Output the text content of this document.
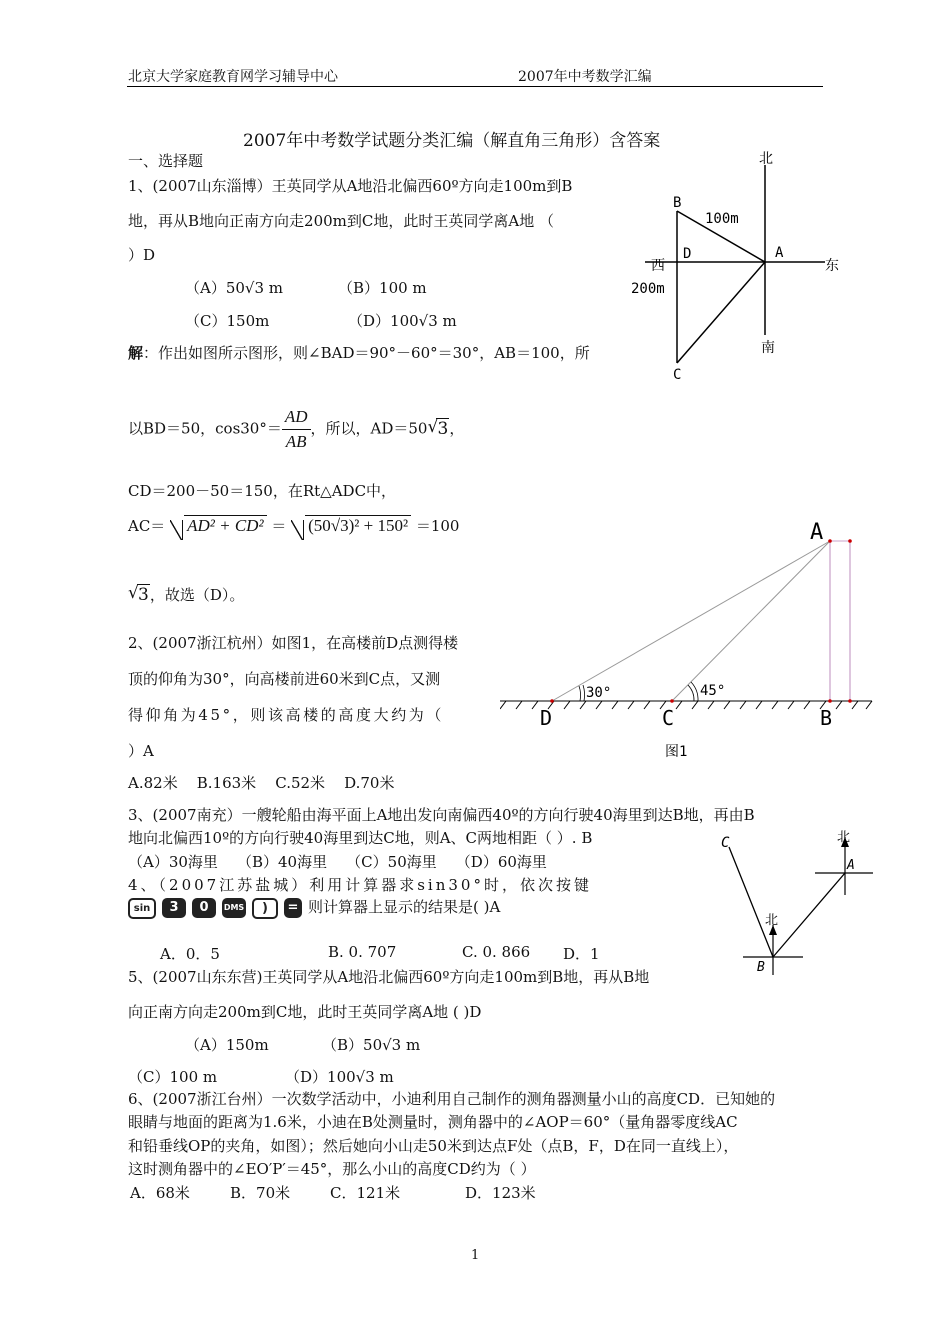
北京大学家庭教育网学习辅导中心	2007年中考数学汇编
2007年中考数学试题分类汇编（解直角三角形）含答案
一、选择题
1、(2007山东淄博）王英同学从A地沿北偏西60º方向走100m到B
地，再从B地向正南方向走200m到C地，此时王英同学离A地 （
）D
（A）50√3 m	（B）100 m
（C）150m	（D）100√3 m
解：作出如图所示图形，则∠BAD＝90°－60°＝30°，AB＝100，所
以BD＝50，$\cos 30^\circ= \frac{AD}{AB}$ ，所以，AD＝50√ 3，
CD＝200－50＝150，在Rt△ADC中，
AC＝ AD² + CD² ＝ (50√3)² + 150² ＝100
√ 3，故选（D）。
北
南
东
西
B
A
D
C
100m
200m
2、(2007浙江杭州）如图1，在高楼前D点测得楼
顶的仰角为30°，向高楼前进60米到C点，又测
得仰角为45°，则该高楼的高度大约为（
）A
A.82米    B.163米    C.52米    D.70米
A
D	C	B
30°	45°
图1
3、(2007南充）一艘轮船由海平面上A地出发向南偏西40º的方向行驶40海里到达B地，再由B
地向北偏西10º的方向行驶40海里到达C地，则A、C两地相距（ ）. B
（A）30海里    （B）40海里    （C）50海里    （D）60海里
C
A
B
北
北
4、（2007江苏盐城）利用计算器求sin30°时，依次按键
sin 3 0 DMS ) = 则计算器上显示的结果是( )A
A．0．5	B. 0. 707	C. 0. 866 D．1
5、(2007山东东营)王英同学从A地沿北偏西60º方向走100m到B地，再从B地
向正南方向走200m到C地，此时王英同学离A地 ( )D
（A）150m	（B）50√3 m
（C）100 m	（D）100√3 m
6、(2007浙江台州）一次数学活动中，小迪利用自己制作的测角器测量小山的高度CD．已知她的
眼睛与地面的距离为1.6米，小迪在B处测量时，测角器中的∠AOP＝60°（量角器零度线AC
和铅垂线OP的夹角，如图）；然后她向小山走50米到达点F处（点B，F，D在同一直线上），
这时测角器中的∠EO′P′＝45°，那么小山的高度CD约为（ ）
A．68米	B．70米	C．121米	D．123米
1
